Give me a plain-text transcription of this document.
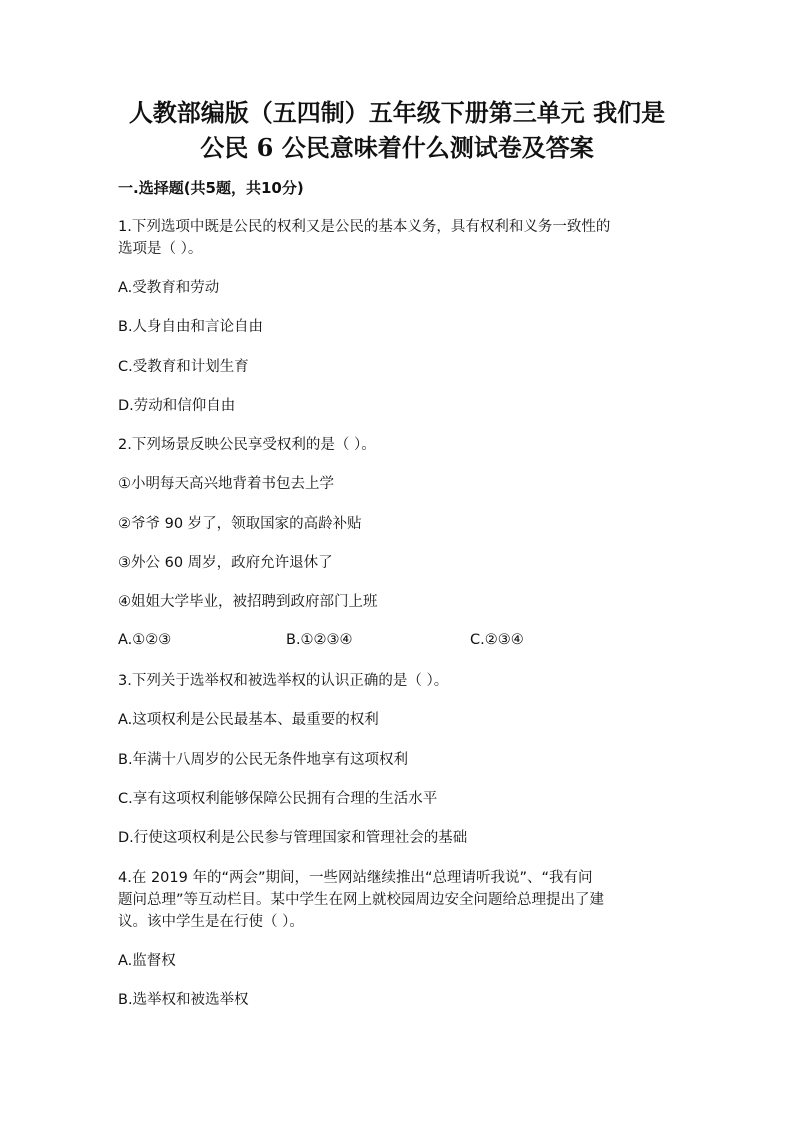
人教部编版（五四制）五年级下册第三单元 我们是
公民 6 公民意味着什么测试卷及答案
一.选择题(共5题，共10分)
1.下列选项中既是公民的权利又是公民的基本义务，具有权利和义务一致性的
选项是（ ）。
A.受教育和劳动
B.人身自由和言论自由
C.受教育和计划生育
D.劳动和信仰自由
2.下列场景反映公民享受权利的是（ ）。
①小明每天高兴地背着书包去上学
②爷爷 90 岁了，领取国家的高龄补贴
③外公 60 周岁，政府允许退休了
④姐姐大学毕业，被招聘到政府部门上班
A.①②③	B.①②③④	C.②③④
3.下列关于选举权和被选举权的认识正确的是（ ）。
A.这项权利是公民最基本、最重要的权利
B.年满十八周岁的公民无条件地享有这项权利
C.享有这项权利能够保障公民拥有合理的生活水平
D.行使这项权利是公民参与管理国家和管理社会的基础
4.在 2019 年的“两会”期间，一些网站继续推出“总理请听我说”、“我有问
题问总理”等互动栏目。某中学生在网上就校园周边安全问题给总理提出了建
议。该中学生是在行使（ ）。
A.监督权
B.选举权和被选举权
